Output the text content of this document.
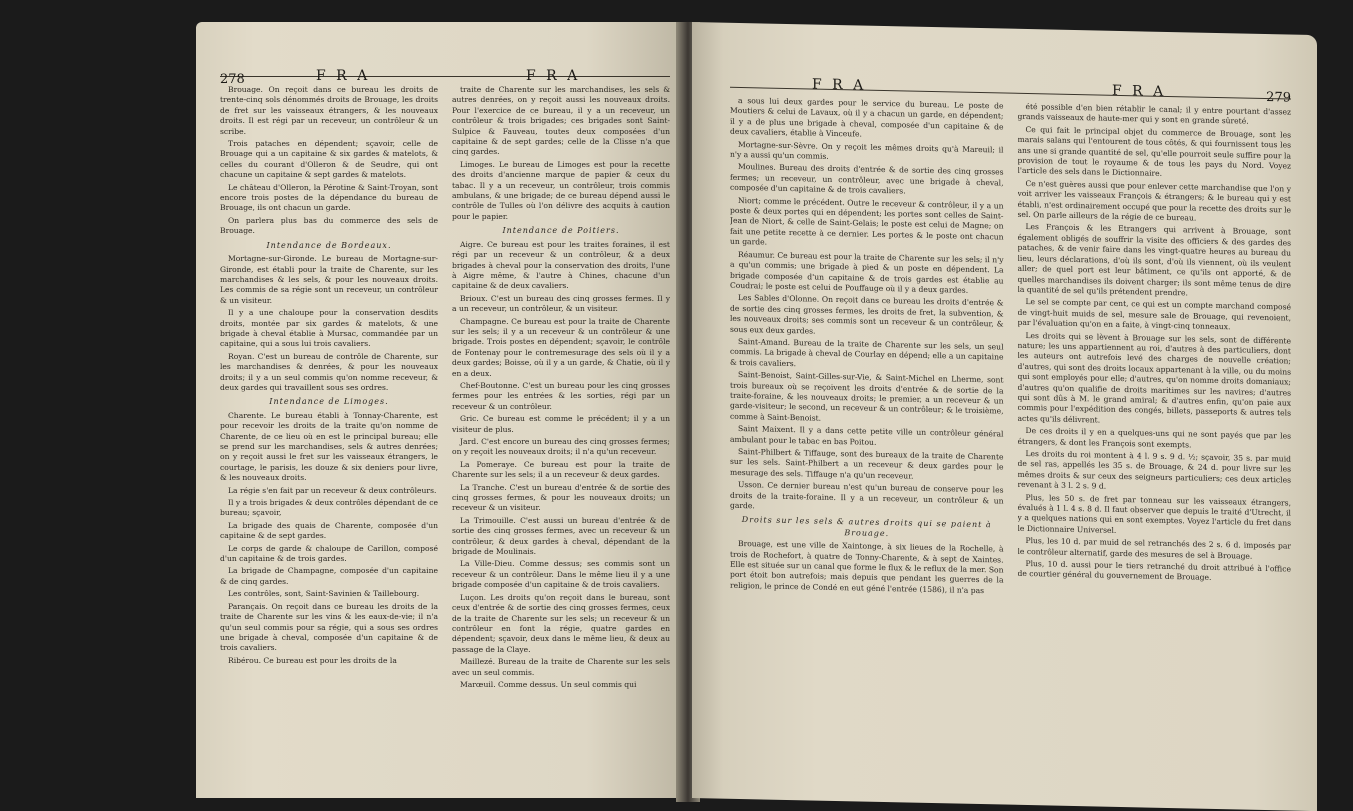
278	F R A	F R A

Brouage. On reçoit dans ce bureau les droits de trente-cinq sols dénommés droits de Brouage, les droits de fret sur les vaisseaux étrangers, & les nouveaux droits. Il est régi par un receveur, un contrôleur & un scribe.

Trois pataches en dépendent; sçavoir, celle de Brouage qui a un capitaine & six gardes & matelots, & celles du courant d'Olleron & de Seudre, qui ont chacune un capitaine & sept gardes & matelots.

Le château d'Olleron, la Pérotine & Saint-Troyan, sont encore trois postes de la dépendance du bureau de Brouage, ils ont chacun un garde.

On parlera plus bas du commerce des sels de Brouage.

Intendance de Bordeaux.

Mortagne-sur-Gironde. Le bureau de Mortagne-sur-Gironde, est établi pour la traite de Charente, sur les marchandises & les sels, & pour les nouveaux droits. Les commis de sa régie sont un receveur, un contrôleur & un visiteur.

Il y a une chaloupe pour la conservation desdits droits, montée par six gardes & matelots, & une brigade à cheval établie à Mursac, commandée par un capitaine, qui a sous lui trois cavaliers.

Royan. C'est un bureau de contrôle de Charente, sur les marchandises & denrées, & pour les nouveaux droits; il y a un seul commis qu'on nomme receveur, & deux gardes qui travaillent sous ses ordres.

Intendance de Limoges.

Charente. Le bureau établi à Tonnay-Charente, est pour recevoir les droits de la traite qu'on nomme de Charente, de ce lieu où en est le principal bureau; elle se prend sur les marchandises, sels & autres denrées; on y reçoit aussi le fret sur les vaisseaux étrangers, le courtage, le parisis, les douze & six deniers pour livre, & les nouveaux droits.

La régie s'en fait par un receveur & deux contrôleurs.

Il y a trois brigades & deux contrôles dépendant de ce bureau; sçavoir,

La brigade des quais de Charente, composée d'un capitaine & de sept gardes.

Le corps de garde & chaloupe de Carillon, composé d'un capitaine & de trois gardes.

La brigade de Champagne, composée d'un capitaine & de cinq gardes.

Les contrôles, sont, Saint-Savinien & Taillebourg.

Parançais. On reçoit dans ce bureau les droits de la traite de Charente sur les vins & les eaux-de-vie; il n'a qu'un seul commis pour sa régie, qui a sous ses ordres une brigade à cheval, composée d'un capitaine & de trois cavaliers.

Ribérou. Ce bureau est pour les droits de la

traite de Charente sur les marchandises, les sels & autres denrées, on y reçoit aussi les nouveaux droits. Pour l'exercice de ce bureau, il y a un receveur, un contrôleur & trois brigades; ces brigades sont Saint-Sulpice & Fauveau, toutes deux composées d'un capitaine & de sept gardes; celle de la Clisse n'a que cinq gardes.

Limoges. Le bureau de Limoges est pour la recette des droits d'ancienne marque de papier & ceux du tabac. Il y a un receveur, un contrôleur, trois commis ambulans, & une brigade; de ce bureau dépend aussi le contrôle de Tulles où l'on délivre des acquits à caution pour le papier.

Intendance de Poitiers.

Aigre. Ce bureau est pour les traites foraines, il est régi par un receveur & un contrôleur, & a deux brigades à cheval pour la conservation des droits, l'une à Aigre même, & l'autre à Chines, chacune d'un capitaine & de deux cavaliers.

Brioux. C'est un bureau des cinq grosses fermes. Il y a un receveur, un contrôleur, & un visiteur.

Champagne. Ce bureau est pour la traite de Charente sur les sels; il y a un receveur & un contrôleur & une brigade. Trois postes en dépendent; sçavoir, le contrôle de Fontenay pour le contremesurage des sels où il y a deux gardes; Boisse, où il y a un garde, & Chatie, où il y en a deux.

Chef-Boutonne. C'est un bureau pour les cinq grosses fermes pour les entrées & les sorties, régi par un receveur & un contrôleur.

Gric. Ce bureau est comme le précédent; il y a un visiteur de plus.

Jard. C'est encore un bureau des cinq grosses fermes; on y reçoit les nouveaux droits; il n'a qu'un receveur.

La Pomeraye. Ce bureau est pour la traite de Charente sur les sels; il a un receveur & deux gardes.

La Tranche. C'est un bureau d'entrée & de sortie des cinq grosses fermes, & pour les nouveaux droits; un receveur & un visiteur.

La Trimouille. C'est aussi un bureau d'entrée & de sortie des cinq grosses fermes, avec un receveur & un contrôleur, & deux gardes à cheval, dépendant de la brigade de Moulinais.

La Ville-Dieu. Comme dessus; ses commis sont un receveur & un contrôleur. Dans le même lieu il y a une brigade composée d'un capitaine & de trois cavaliers.

Luçon. Les droits qu'on reçoit dans le bureau, sont ceux d'entrée & de sortie des cinq grosses fermes, ceux de la traite de Charente sur les sels; un receveur & un contrôleur en font la régie, quatre gardes en dépendent; sçavoir, deux dans le même lieu, & deux au passage de la Claye.

Maillezé. Bureau de la traite de Charente sur les sels avec un seul commis.

Marœuil. Comme dessus. Un seul commis qui

F R A	F R A	279

a sous lui deux gardes pour le service du bureau. Le poste de Moutiers & celui de Lavaux, où il y a chacun un garde, en dépendent; il y a de plus une brigade à cheval, composée d'un capitaine & de deux cavaliers, établie à Vinceufe.

Mortagne-sur-Sèvre. On y reçoit les mêmes droits qu'à Mareuil; il n'y a aussi qu'un commis.

Moulines. Bureau des droits d'entrée & de sortie des cinq grosses fermes; un receveur, un contrôleur, avec une brigade à cheval, composée d'un capitaine & de trois cavaliers.

Niort; comme le précédent. Outre le receveur & contrôleur, il y a un poste & deux portes qui en dépendent; les portes sont celles de Saint-Jean de Niort, & celle de Saint-Gelais; le poste est celui de Magne; on fait une petite recette à ce dernier. Les portes & le poste ont chacun un garde.

Réaumur. Ce bureau est pour la traite de Charente sur les sels; il n'y a qu'un commis; une brigade à pied & un poste en dépendent. La brigade composée d'un capitaine & de trois gardes est établie au Coudrai; le poste est celui de Pouffauge où il y a deux gardes.

Les Sables d'Olonne. On reçoit dans ce bureau les droits d'entrée & de sortie des cinq grosses fermes, les droits de fret, la subvention, & les nouveaux droits; ses commis sont un receveur & un contrôleur, & sous eux deux gardes.

Saint-Amand. Bureau de la traite de Charente sur les sels, un seul commis. La brigade à cheval de Courlay en dépend; elle a un capitaine & trois cavaliers.

Saint-Benoist, Saint-Gilles-sur-Vie, & Saint-Michel en Lherme, sont trois bureaux où se reçoivent les droits d'entrée & de sortie de la traite-foraine, & les nouveaux droits; le premier, a un receveur & un garde-visiteur; le second, un receveur & un contrôleur; & le troisième, comme à Saint-Benoist.

Saint Maixent. Il y a dans cette petite ville un contrôleur général ambulant pour le tabac en bas Poitou.

Saint-Philbert & Tiffauge, sont des bureaux de la traite de Charente sur les sels. Saint-Philbert a un receveur & deux gardes pour le mesurage des sels. Tiffauge n'a qu'un receveur.

Usson. Ce dernier bureau n'est qu'un bureau de conserve pour les droits de la traite-foraine. Il y a un receveur, un contrôleur & un garde.

Droits sur les sels & autres droits qui se paient à Brouage.

Brouage, est une ville de Xaintonge, à six lieues de la Rochelle, à trois de Rochefort, à quatre de Tonny-Charente, & à sept de Xaintes. Elle est située sur un canal que forme le flux & le reflux de la mer. Son port étoit bon autrefois; mais depuis que pendant les guerres de la religion, le prince de Condé en eut géné l'entrée (1586), il n'a pas

été possible d'en bien rétablir le canal; il y entre pourtant d'assez grands vaisseaux de haute-mer qui y sont en grande sûreté.

Ce qui fait le principal objet du commerce de Brouage, sont les marais salans qui l'entourent de tous côtés, & qui fournissent tous les ans une si grande quantité de sel, qu'elle pourroit seule suffire pour la provision de tout le royaume & de tous les pays du Nord. Voyez l'article des sels dans le Dictionnaire.

Ce n'est guères aussi que pour enlever cette marchandise que l'on y voit arriver les vaisseaux François & étrangers; & le bureau qui y est établi, n'est ordinairement occupé que pour la recette des droits sur le sel. On parle ailleurs de la régie de ce bureau.

Les François & les Etrangers qui arrivent à Brouage, sont également obligés de souffrir la visite des officiers & des gardes des pataches, & de venir faire dans les vingt-quatre heures au bureau du lieu, leurs déclarations, d'où ils sont, d'où ils viennent, où ils veulent aller; de quel port est leur bâtiment, ce qu'ils ont apporté, & de quelles marchandises ils doivent charger; ils sont même tenus de dire la quantité de sel qu'ils prétendent prendre.

Le sel se compte par cent, ce qui est un compte marchand composé de vingt-huit muids de sel, mesure sale de Brouage, qui revenoient, par l'évaluation qu'on en a faite, à vingt-cinq tonneaux.

Les droits qui se lèvent à Brouage sur les sels, sont de différente nature; les uns appartiennent au roi, d'autres à des particuliers, dont les auteurs ont autrefois levé des charges de nouvelle création; d'autres, qui sont des droits locaux appartenant à la ville, ou du moins qui sont employés pour elle; d'autres, qu'on nomme droits domaniaux; d'autres qu'on qualifie de droits maritimes sur les navires; d'autres qui sont dûs à M. le grand amiral; & d'autres enfin, qu'on paie aux commis pour l'expédition des congés, billets, passeports & autres tels actes qu'ils délivrent.

De ces droits il y en a quelques-uns qui ne sont payés que par les étrangers, & dont les François sont exempts.

Les droits du roi montent à 4 l. 9 s. 9 d. ½; sçavoir, 35 s. par muid de sel ras, appellés les 35 s. de Brouage, & 24 d. pour livre sur les mêmes droits & sur ceux des seigneurs particuliers; ces deux articles revenant à 3 l. 2 s. 9 d.

Plus, les 50 s. de fret par tonneau sur les vaisseaux étrangers, évalués à 1 l. 4 s. 8 d. Il faut observer que depuis le traité d'Utrecht, il y a quelques nations qui en sont exemptes. Voyez l'article du fret dans le Dictionnaire Universel.

Plus, les 10 d. par muid de sel retranchés des 2 s. 6 d. imposés par le contrôleur alternatif, garde des mesures de sel à Brouage.

Plus, 10 d. aussi pour le tiers retranché du droit attribué à l'office de courtier général du gouvernement de Brouage.
